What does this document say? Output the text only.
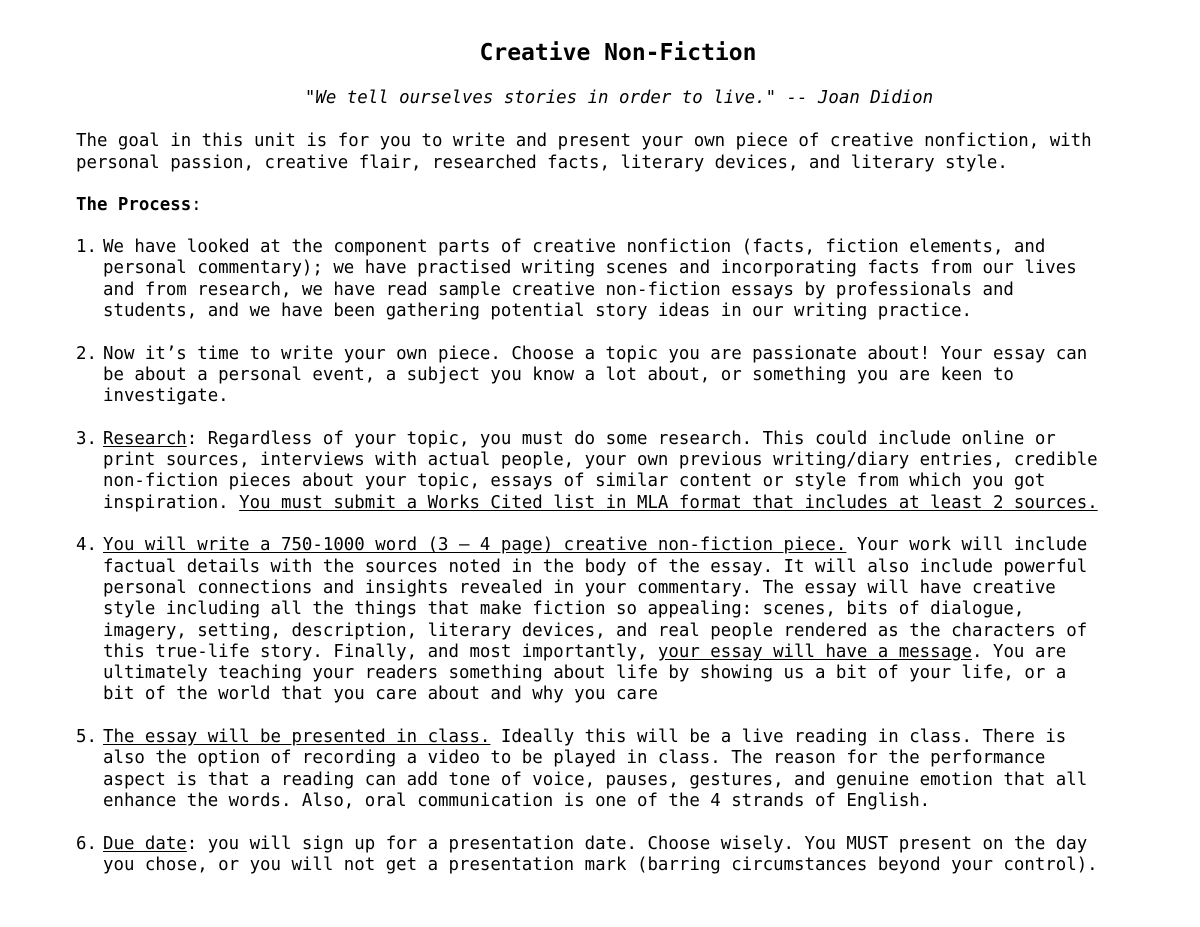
Creative Non-Fiction
"We tell ourselves stories in order to live." -- Joan Didion
The goal in this unit is for you to write and present your own piece of creative nonfiction, with
personal passion, creative flair, researched facts, literary devices, and literary style.
The Process:
1. We have looked at the component parts of creative nonfiction (facts, fiction elements, and
personal commentary); we have practised writing scenes and incorporating facts from our lives
and from research, we have read sample creative non-fiction essays by professionals and
students, and we have been gathering potential story ideas in our writing practice.
2. Now it’s time to write your own piece. Choose a topic you are passionate about! Your essay can
be about a personal event, a subject you know a lot about, or something you are keen to
investigate.
3. Research: Regardless of your topic, you must do some research. This could include online or
print sources, interviews with actual people, your own previous writing/diary entries, credible
non-fiction pieces about your topic, essays of similar content or style from which you got
inspiration. You must submit a Works Cited list in MLA format that includes at least 2 sources.
4. You will write a 750-1000 word (3 – 4 page) creative non-fiction piece. Your work will include
factual details with the sources noted in the body of the essay. It will also include powerful
personal connections and insights revealed in your commentary. The essay will have creative
style including all the things that make fiction so appealing: scenes, bits of dialogue,
imagery, setting, description, literary devices, and real people rendered as the characters of
this true-life story. Finally, and most importantly, your essay will have a message. You are
ultimately teaching your readers something about life by showing us a bit of your life, or a
bit of the world that you care about and why you care
5. The essay will be presented in class. Ideally this will be a live reading in class. There is
also the option of recording a video to be played in class. The reason for the performance
aspect is that a reading can add tone of voice, pauses, gestures, and genuine emotion that all
enhance the words. Also, oral communication is one of the 4 strands of English.
6. Due date: you will sign up for a presentation date. Choose wisely. You MUST present on the day
you chose, or you will not get a presentation mark (barring circumstances beyond your control).
